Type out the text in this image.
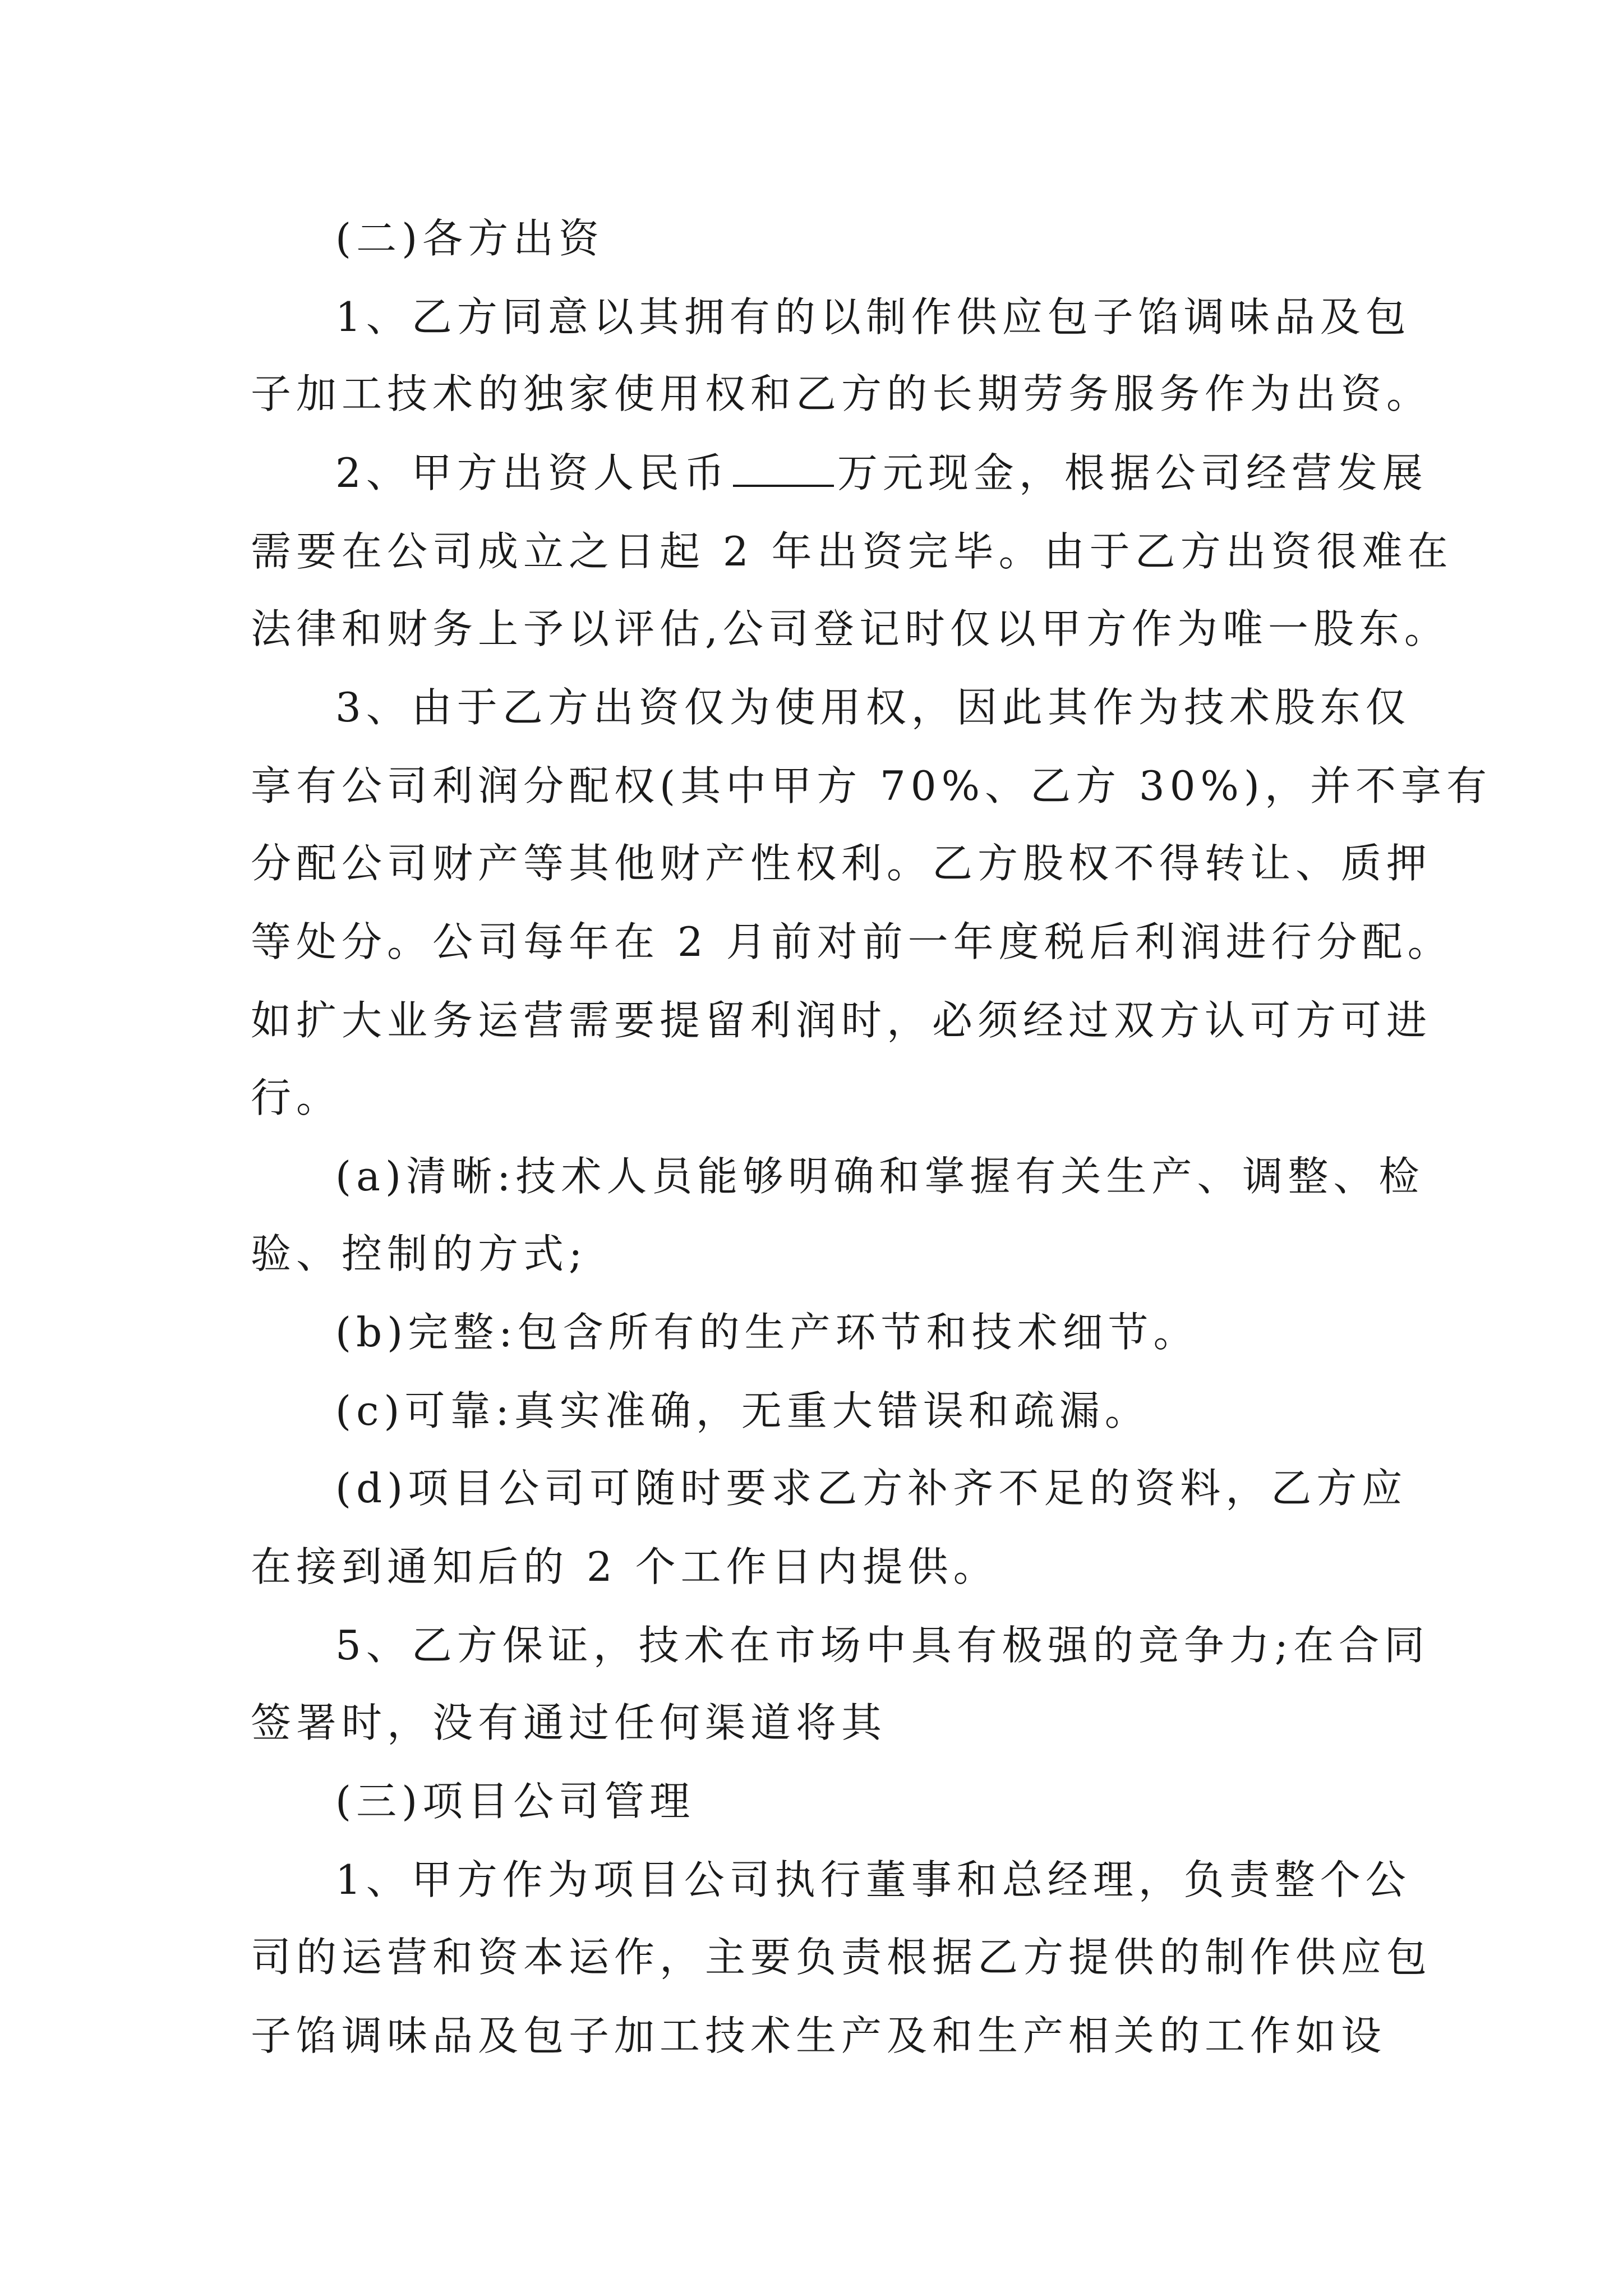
(二)各方出资
1、乙方同意以其拥有的以制作供应包子馅调味品及包
子加工技术的独家使用权和乙方的长期劳务服务作为出资。
2、甲方出资人民币	万元现金，根据公司经营发展
需要在公司成立之日起 2 年出资完毕。由于乙方出资很难在
法律和财务上予以评估,公司登记时仅以甲方作为唯一股东。
3、由于乙方出资仅为使用权，因此其作为技术股东仅
享有公司利润分配权(其中甲方 70%、乙方 30%)，并不享有
分配公司财产等其他财产性权利。乙方股权不得转让、质押
等处分。公司每年在 2 月前对前一年度税后利润进行分配。
如扩大业务运营需要提留利润时，必须经过双方认可方可进
行。
(a)清晰:技术人员能够明确和掌握有关生产、调整、检
验、控制的方式;
(b)完整:包含所有的生产环节和技术细节。
(c)可靠:真实准确，无重大错误和疏漏。
(d)项目公司可随时要求乙方补齐不足的资料，乙方应
在接到通知后的 2 个工作日内提供。
5、乙方保证，技术在市场中具有极强的竞争力;在合同
签署时，没有通过任何渠道将其
(三)项目公司管理
1、甲方作为项目公司执行董事和总经理，负责整个公
司的运营和资本运作，主要负责根据乙方提供的制作供应包
子馅调味品及包子加工技术生产及和生产相关的工作如设
